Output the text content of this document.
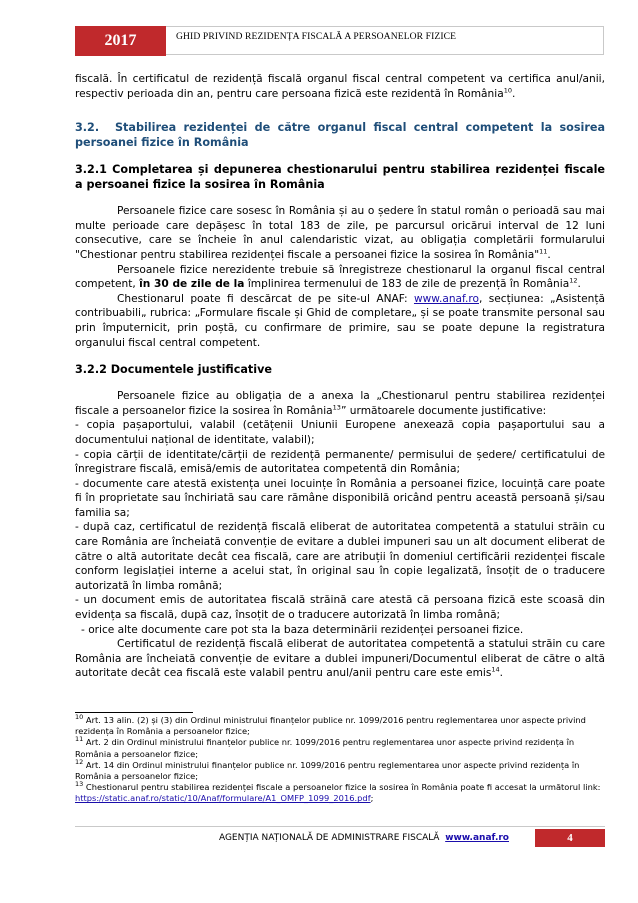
2017	GHID PRIVIND REZIDENȚA FISCALĂ A PERSOANELOR FIZICE

fiscală. În certificatul de rezidență fiscală organul fiscal central competent va certifica anul/anii, respectiv perioada din an, pentru care persoana fizică este rezidentă în România$^{10}$.

3.2. Stabilirea rezidenței de către organul fiscal central competent la sosirea persoanei fizice în România

3.2.1 Completarea și depunerea chestionarului pentru stabilirea rezidenței fiscale a persoanei fizice la sosirea în România

Persoanele fizice care sosesc în România și au o ședere în statul român o perioadă sau mai multe perioade care depășesc în total 183 de zile, pe parcursul oricărui interval de 12 luni consecutive, care se încheie în anul calendaristic vizat, au obligația completării formularului "Chestionar pentru stabilirea rezidenței fiscale a persoanei fizice la sosirea în România"$^{11}$.

Persoanele fizice nerezidente trebuie să înregistreze chestionarul la organul fiscal central competent, în 30 de zile de la împlinirea termenului de 183 de zile de prezență în România$^{12}$.

Chestionarul poate fi descărcat de pe site-ul ANAF: www.anaf.ro, secțiunea: „Asistență contribuabili„ rubrica: „Formulare fiscale și Ghid de completare„ și se poate transmite personal sau prin împuternicit, prin poștă, cu confirmare de primire, sau se poate depune la registratura organului fiscal central competent.

3.2.2 Documentele justificative

Persoanele fizice au obligația de a anexa la „Chestionarul pentru stabilirea rezidenței fiscale a persoanelor fizice la sosirea în România$^{13}$” următoarele documente justificative:

- copia pașaportului, valabil (cetățenii Uniunii Europene anexează copia pașaportului sau a documentului național de identitate, valabil);

- copia cărții de identitate/cărții de rezidență permanente/ permisului de ședere/ certificatului de înregistrare fiscală, emisă/emis de autoritatea competentă din România;

- documente care atestă existența unei locuințe în România a persoanei fizice, locuință care poate fi în proprietate sau închiriată sau care rămâne disponibilă oricând pentru această persoană și/sau familia sa;

- după caz, certificatul de rezidență fiscală eliberat de autoritatea competentă a statului străin cu care România are încheiată convenție de evitare a dublei impuneri sau un alt document eliberat de către o altă autoritate decât cea fiscală, care are atribuții în domeniul certificării rezidenței fiscale conform legislației interne a acelui stat, în original sau în copie legalizată, însoțit de o traducere autorizată în limba română;

- un document emis de autoritatea fiscală străină care atestă că persoana fizică este scoasă din evidența sa fiscală, după caz, însoțit de o traducere autorizată în limba română;

- orice alte documente care pot sta la baza determinării rezidenței persoanei fizice.

Certificatul de rezidență fiscală eliberat de autoritatea competentă a statului străin cu care România are încheiată convenție de evitare a dublei impuneri/Documentul eliberat de către o altă autoritate decât cea fiscală este valabil pentru anul/anii pentru care este emis$^{14}$.

$^{10}$ Art. 13 alin. (2) și (3) din Ordinul ministrului finanțelor publice nr. 1099/2016 pentru reglementarea unor aspecte privind rezidența în România a persoanelor fizice;

$^{11}$ Art. 2 din Ordinul ministrului finanțelor publice nr. 1099/2016 pentru reglementarea unor aspecte privind rezidența în România a persoanelor fizice;

$^{12}$ Art. 14 din Ordinul ministrului finanțelor publice nr. 1099/2016 pentru reglementarea unor aspecte privind rezidența în România a persoanelor fizice;

$^{13}$ Chestionarul pentru stabilirea rezidenței fiscale a persoanelor fizice la sosirea în România poate fi accesat la următorul link: https://static.anaf.ro/static/10/Anaf/formulare/A1_OMFP_1099_2016.pdf;

AGENȚIA NAȚIONALĂ DE ADMINISTRARE FISCALĂ www.anaf.ro	4
